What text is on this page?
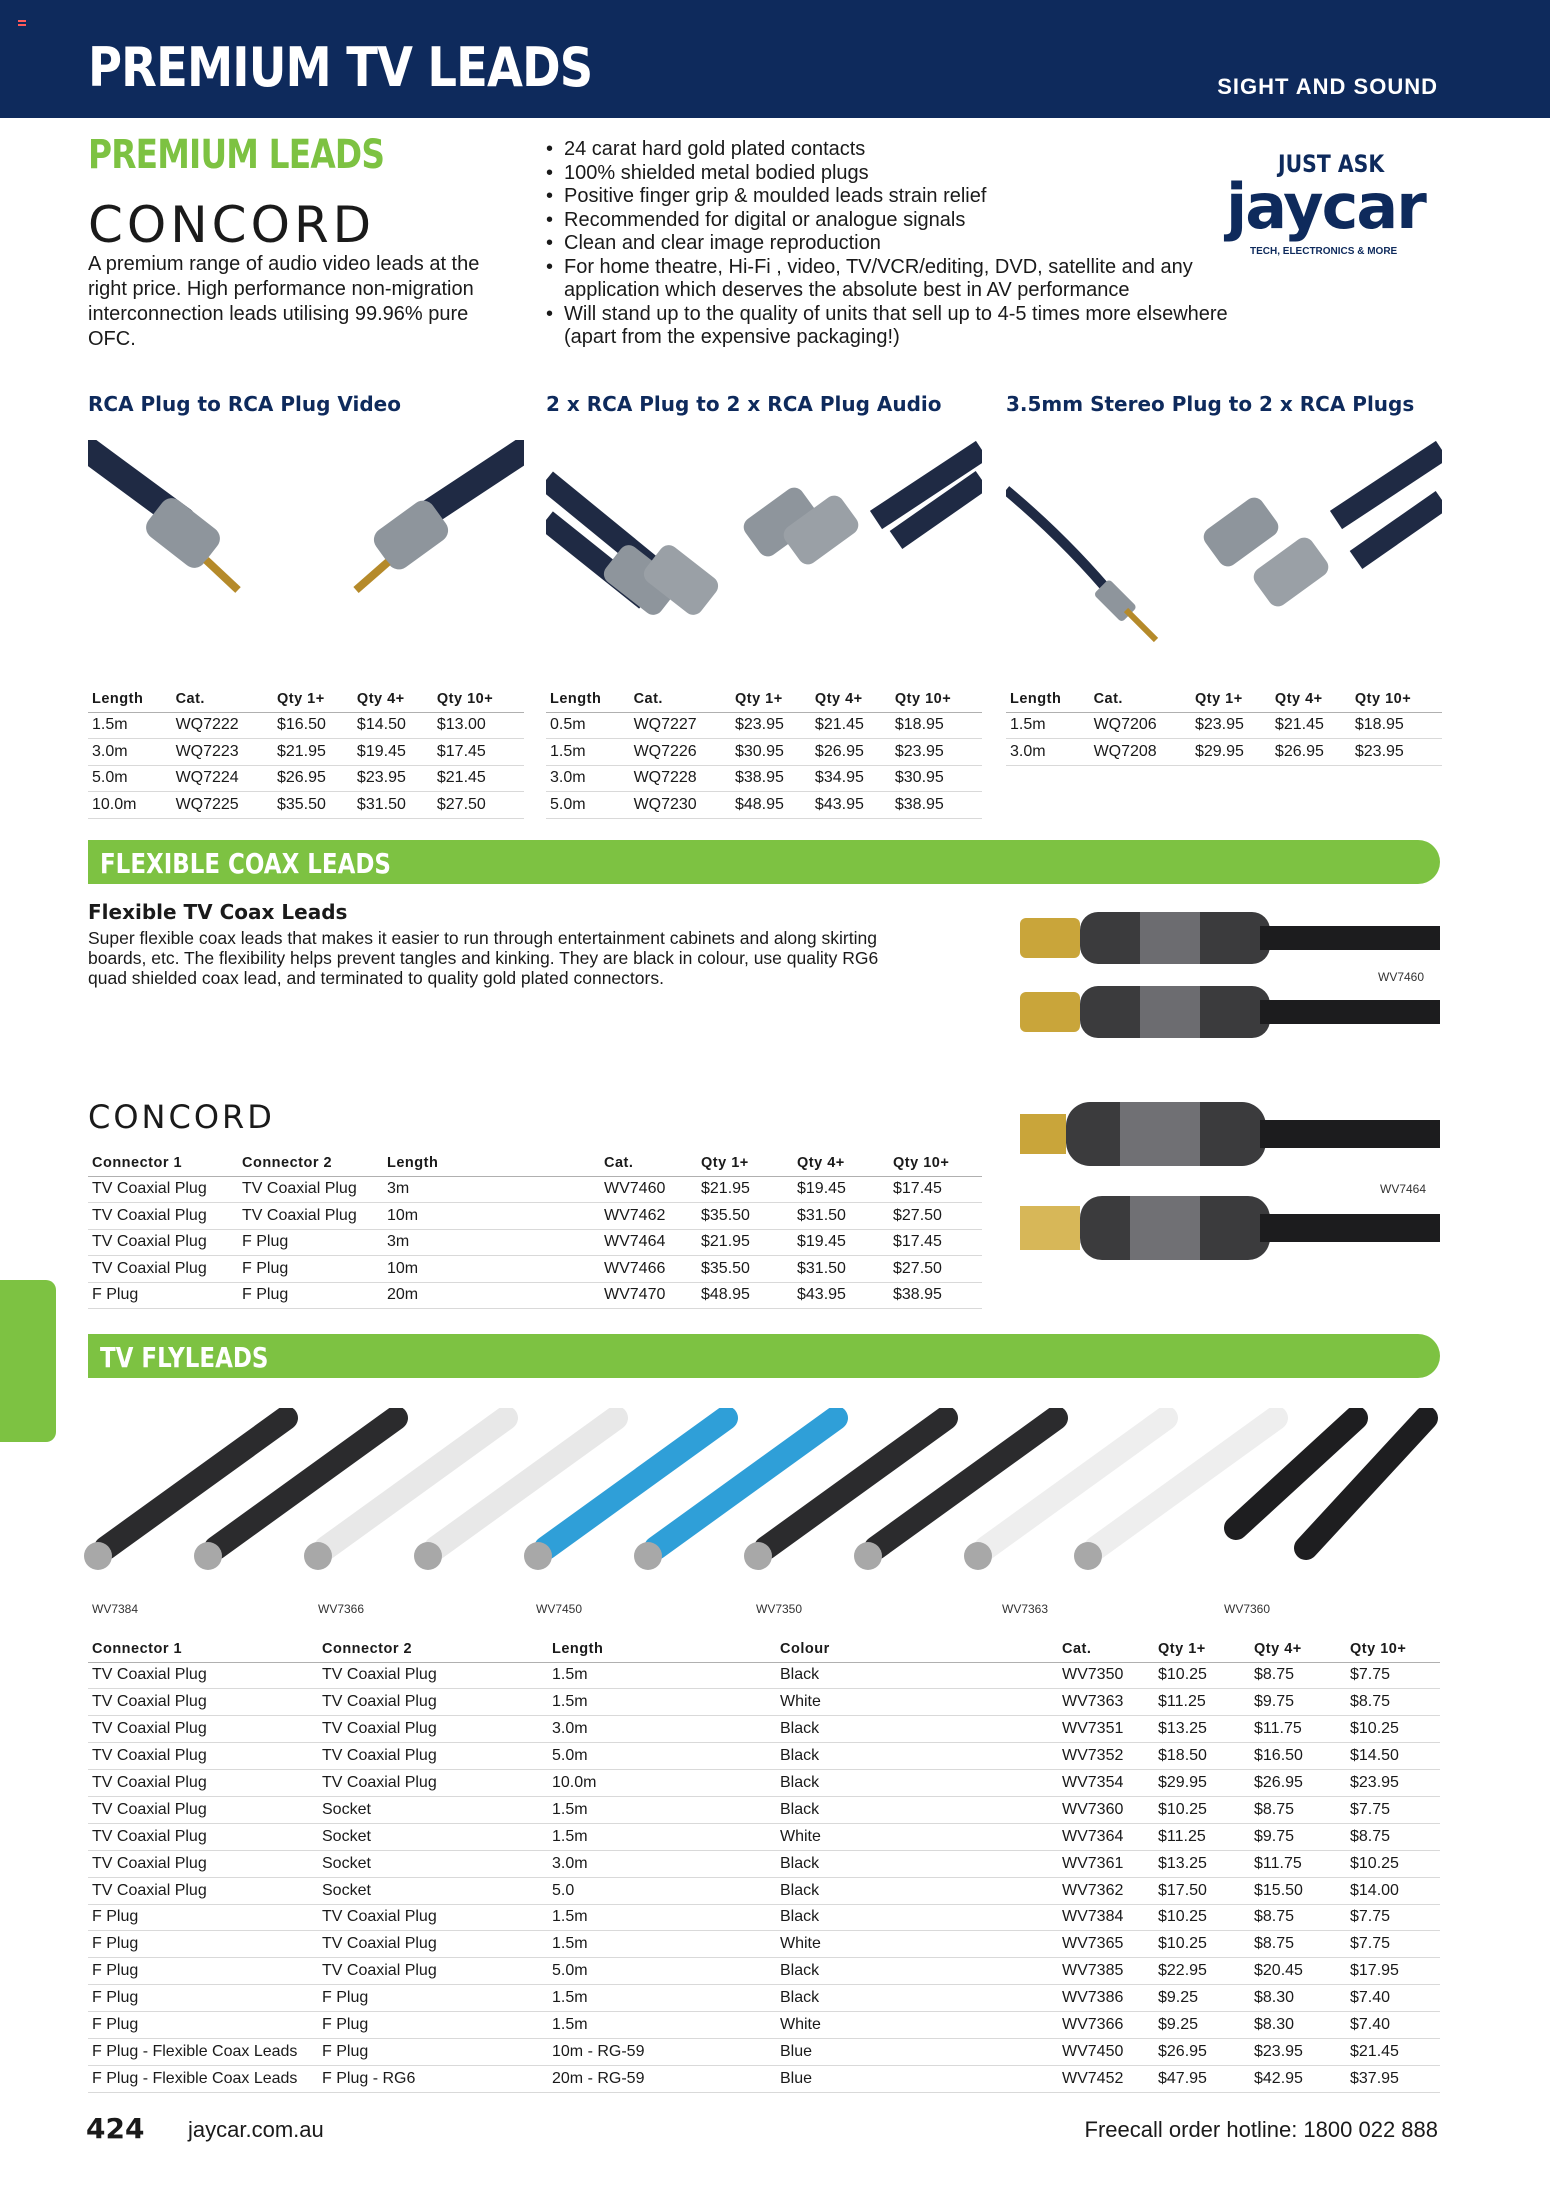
PREMIUM TV LEADS	SIGHT AND SOUND
PREMIUM LEADS
CONCORD
A premium range of audio video leads at the right price. High performance non-migration interconnection leads utilising 99.96% pure OFC.
• 24 carat hard gold plated contacts
• 100% shielded metal bodied plugs
• Positive finger grip & moulded leads strain relief
• Recommended for digital or analogue signals
• Clean and clear image reproduction
• For home theatre, Hi-Fi , video, TV/VCR/editing, DVD, satellite and any application which deserves the absolute best in AV performance
• Will stand up to the quality of units that sell up to 4-5 times more elsewhere (apart from the expensive packaging!)
JUST ASK
jaycar
TECH, ELECTRONICS & MORE
RCA Plug to RCA Plug Video
Length	Cat.	Qty 1+	Qty 4+	Qty 10+
1.5m	WQ7222	$16.50	$14.50	$13.00
3.0m	WQ7223	$21.95	$19.45	$17.45
5.0m	WQ7224	$26.95	$23.95	$21.45
10.0m	WQ7225	$35.50	$31.50	$27.50
2 x RCA Plug to 2 x RCA Plug Audio
Length	Cat.	Qty 1+	Qty 4+	Qty 10+
0.5m	WQ7227	$23.95	$21.45	$18.95
1.5m	WQ7226	$30.95	$26.95	$23.95
3.0m	WQ7228	$38.95	$34.95	$30.95
5.0m	WQ7230	$48.95	$43.95	$38.95
3.5mm Stereo Plug to 2 x RCA Plugs
Length	Cat.	Qty 1+	Qty 4+	Qty 10+
1.5m	WQ7206	$23.95	$21.45	$18.95
3.0m	WQ7208	$29.95	$26.95	$23.95
FLEXIBLE COAX LEADS
Flexible TV Coax Leads
Super flexible coax leads that makes it easier to run through entertainment cabinets and along skirting boards, etc. The flexibility helps prevent tangles and kinking. They are black in colour, use quality RG6 quad shielded coax lead, and terminated to quality gold plated connectors.	WV7460
WV7464
CONCORD
Connector 1	Connector 2	Length	Cat.	Qty 1+	Qty 4+	Qty 10+
TV Coaxial Plug	TV Coaxial Plug	3m	WV7460	$21.95	$19.45	$17.45
TV Coaxial Plug	TV Coaxial Plug	10m	WV7462	$35.50	$31.50	$27.50
TV Coaxial Plug	F Plug	3m	WV7464	$21.95	$19.45	$17.45
TV Coaxial Plug	F Plug	10m	WV7466	$35.50	$31.50	$27.50
F Plug	F Plug	20m	WV7470	$48.95	$43.95	$38.95
TV FLYLEADS
WV7384	WV7366	WV7450	WV7350	WV7363	WV7360
Connector 1	Connector 2	Length	Colour	Cat.	Qty 1+	Qty 4+	Qty 10+
TV Coaxial Plug	TV Coaxial Plug	1.5m	Black	WV7350	$10.25	$8.75	$7.75
TV Coaxial Plug	TV Coaxial Plug	1.5m	White	WV7363	$11.25	$9.75	$8.75
TV Coaxial Plug	TV Coaxial Plug	3.0m	Black	WV7351	$13.25	$11.75	$10.25
TV Coaxial Plug	TV Coaxial Plug	5.0m	Black	WV7352	$18.50	$16.50	$14.50
TV Coaxial Plug	TV Coaxial Plug	10.0m	Black	WV7354	$29.95	$26.95	$23.95
TV Coaxial Plug	Socket	1.5m	Black	WV7360	$10.25	$8.75	$7.75
TV Coaxial Plug	Socket	1.5m	White	WV7364	$11.25	$9.75	$8.75
TV Coaxial Plug	Socket	3.0m	Black	WV7361	$13.25	$11.75	$10.25
TV Coaxial Plug	Socket	5.0	Black	WV7362	$17.50	$15.50	$14.00
F Plug	TV Coaxial Plug	1.5m	Black	WV7384	$10.25	$8.75	$7.75
F Plug	TV Coaxial Plug	1.5m	White	WV7365	$10.25	$8.75	$7.75
F Plug	TV Coaxial Plug	5.0m	Black	WV7385	$22.95	$20.45	$17.95
F Plug	F Plug	1.5m	Black	WV7386	$9.25	$8.30	$7.40
F Plug	F Plug	1.5m	White	WV7366	$9.25	$8.30	$7.40
F Plug - Flexible Coax Leads	F Plug	10m - RG-59	Blue	WV7450	$26.95	$23.95	$21.45
F Plug - Flexible Coax Leads	F Plug - RG6	20m - RG-59	Blue	WV7452	$47.95	$42.95	$37.95
424 jaycar.com.au	Freecall order hotline: 1800 022 888
